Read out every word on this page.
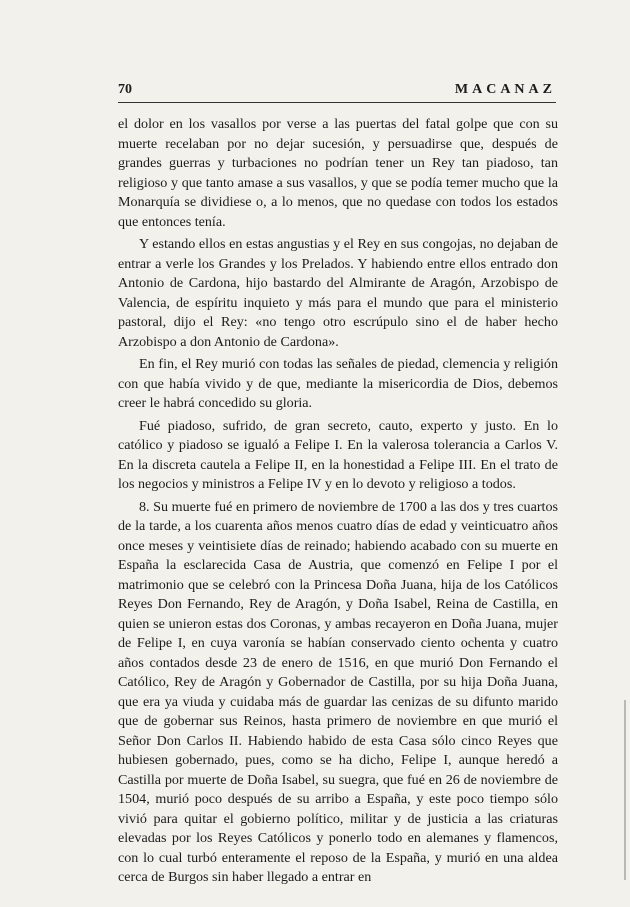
70	MACANAZ

el dolor en los vasallos por verse a las puertas del fatal golpe que con su muerte recelaban por no dejar sucesión, y persuadirse que, después de grandes guerras y turbaciones no podrían tener un Rey tan piadoso, tan religioso y que tanto amase a sus vasallos, y que se podía temer mucho que la Monarquía se dividiese o, a lo menos, que no quedase con todos los estados que entonces tenía.

Y estando ellos en estas angustias y el Rey en sus congojas, no dejaban de entrar a verle los Grandes y los Prelados. Y habiendo entre ellos entrado don Antonio de Cardona, hijo bastardo del Almirante de Aragón, Arzobispo de Valencia, de espíritu inquieto y más para el mundo que para el ministerio pastoral, dijo el Rey: «no tengo otro escrúpulo sino el de haber hecho Arzobispo a don Antonio de Cardona».

En fin, el Rey murió con todas las señales de piedad, clemencia y religión con que había vivido y de que, mediante la misericordia de Dios, debemos creer le habrá concedido su gloria.

Fué piadoso, sufrido, de gran secreto, cauto, experto y justo. En lo católico y piadoso se igualó a Felipe I. En la valerosa tolerancia a Carlos V. En la discreta cautela a Felipe II, en la honestidad a Felipe III. En el trato de los negocios y ministros a Felipe IV y en lo devoto y religioso a todos.

8. Su muerte fué en primero de noviembre de 1700 a las dos y tres cuartos de la tarde, a los cuarenta años menos cuatro días de edad y veinticuatro años once meses y veintisiete días de reinado; habiendo acabado con su muerte en España la esclarecida Casa de Austria, que comenzó en Felipe I por el matrimonio que se celebró con la Princesa Doña Juana, hija de los Católicos Reyes Don Fernando, Rey de Aragón, y Doña Isabel, Reina de Castilla, en quien se unieron estas dos Coronas, y ambas recayeron en Doña Juana, mujer de Felipe I, en cuya varonía se habían conservado ciento ochenta y cuatro años contados desde 23 de enero de 1516, en que murió Don Fernando el Católico, Rey de Aragón y Gobernador de Castilla, por su hija Doña Juana, que era ya viuda y cuidaba más de guardar las cenizas de su difunto marido que de gobernar sus Reinos, hasta primero de noviembre en que murió el Señor Don Carlos II. Habiendo habido de esta Casa sólo cinco Reyes que hubiesen gobernado, pues, como se ha dicho, Felipe I, aunque heredó a Castilla por muerte de Doña Isabel, su suegra, que fué en 26 de noviembre de 1504, murió poco después de su arribo a España, y este poco tiempo sólo vivió para quitar el gobierno político, militar y de justicia a las criaturas elevadas por los Reyes Católicos y ponerlo todo en alemanes y flamencos, con lo cual turbó enteramente el reposo de la España, y murió en una aldea cerca de Burgos sin haber llegado a entrar en
